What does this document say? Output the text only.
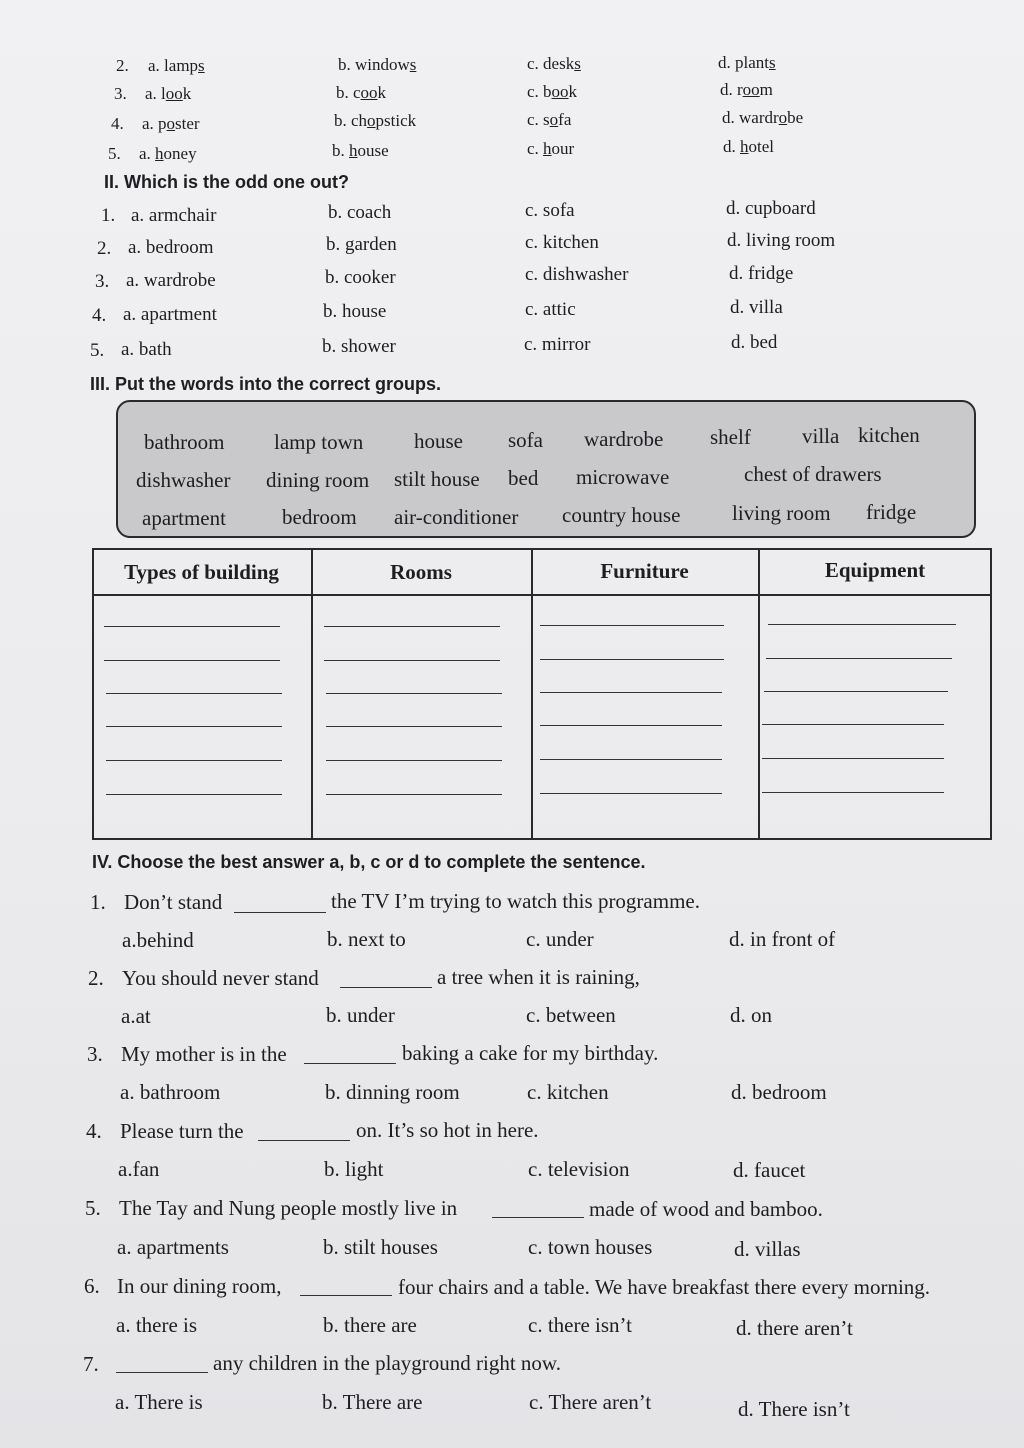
2. a. lamps	b. windows	c. desks	d. plants
3. a. look	b. cook	c. book	d. room
4. a. poster	b. chopstick	c. sofa	d. wardrobe
5. a. honey	b. house	c. hour	d. hotel
II. Which is the odd one out?
1. a. armchair	b. coach	c. sofa	d. cupboard
2. a. bedroom	b. garden	c. kitchen	d. living room
3. a. wardrobe	b. cooker	c. dishwasher	d. fridge
4. a. apartment	b. house	c. attic	d. villa
5. a. bath	b. shower	c. mirror	d. bed
III. Put the words into the correct groups.
bathroom lamp town house sofa wardrobe shelf villa kitchen
dishwasher dining room stilt house bed microwave	chest of drawers
apartment	bedroom air-conditioner country house living room fridge
Types of building	Rooms	Furniture	Equipment
IV. Choose the best answer a, b, c or d to complete the sentence.
1. Don’t stand	the TV I’m trying to watch this programme.
a.behind	b. next to	c. under	d. in front of
2. You should never stand	a tree when it is raining,
a.at	b. under	c. between	d. on
3. My mother is in the	baking a cake for my birthday.
a. bathroom	b. dinning room	c. kitchen	d. bedroom
4. Please turn the	on. It’s so hot in here.
a.fan	b. light	c. television	d. faucet
5. The Tay and Nung people mostly live in	made of wood and bamboo.
a. apartments	b. stilt houses	c. town houses	d. villas
6. In our dining room,	four chairs and a table. We have breakfast there every morning.
a. there is	b. there are	c. there isn’t	d. there aren’t
7.	any children in the playground right now.
a. There is	b. There are	c. There aren’t	d. There isn’t
